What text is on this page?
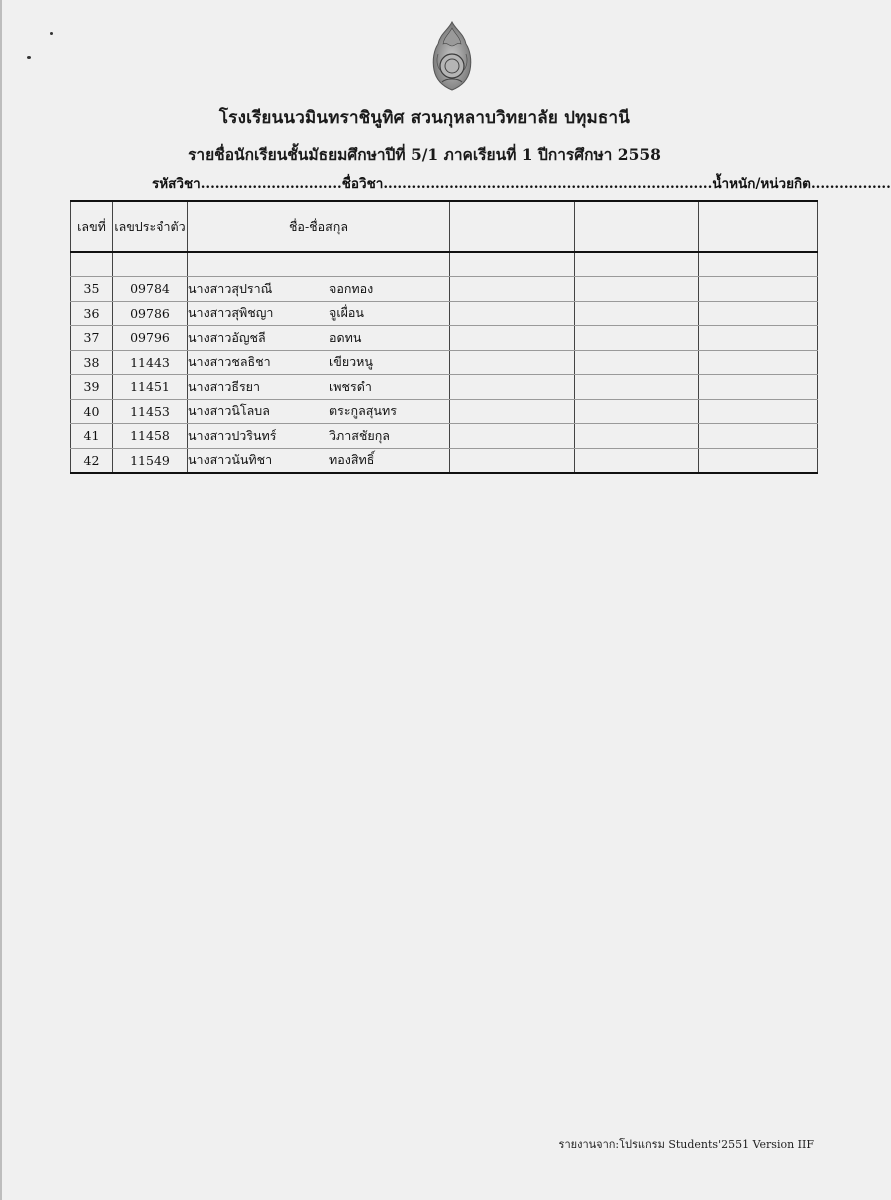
โรงเรียนนวมินทราชินูทิศ สวนกุหลาบวิทยาลัย ปทุมธานี
รายชื่อนักเรียนชั้นมัธยมศึกษาปีที่ 5/1 ภาคเรียนที่ 1 ปีการศึกษา 2558
รหัสวิชา..............................ชื่อวิชา......................................................................น้ำหนัก/หน่วยกิต.................
เลขที่	เลขประจำตัว	ชื่อ-ชื่อสกุล			

35	09784	นางสาวสุปราณี จอกทอง			
36	09786	นางสาวสุพิชญา จูเผื่อน			
37	09796	นางสาวอัญชลี อดทน			
38	11443	นางสาวชลธิชา เขียวหนู			
39	11451	นางสาวธีรยา เพชรดำ			
40	11453	นางสาวนิโลบล ตระกูลสุนทร			
41	11458	นางสาวปวรินทร์ วิภาสชัยกุล			
42	11549	นางสาวนันทิชา ทองสิทธิ์			
รายงานจาก:โปรแกรม Students'2551 Version IIF
